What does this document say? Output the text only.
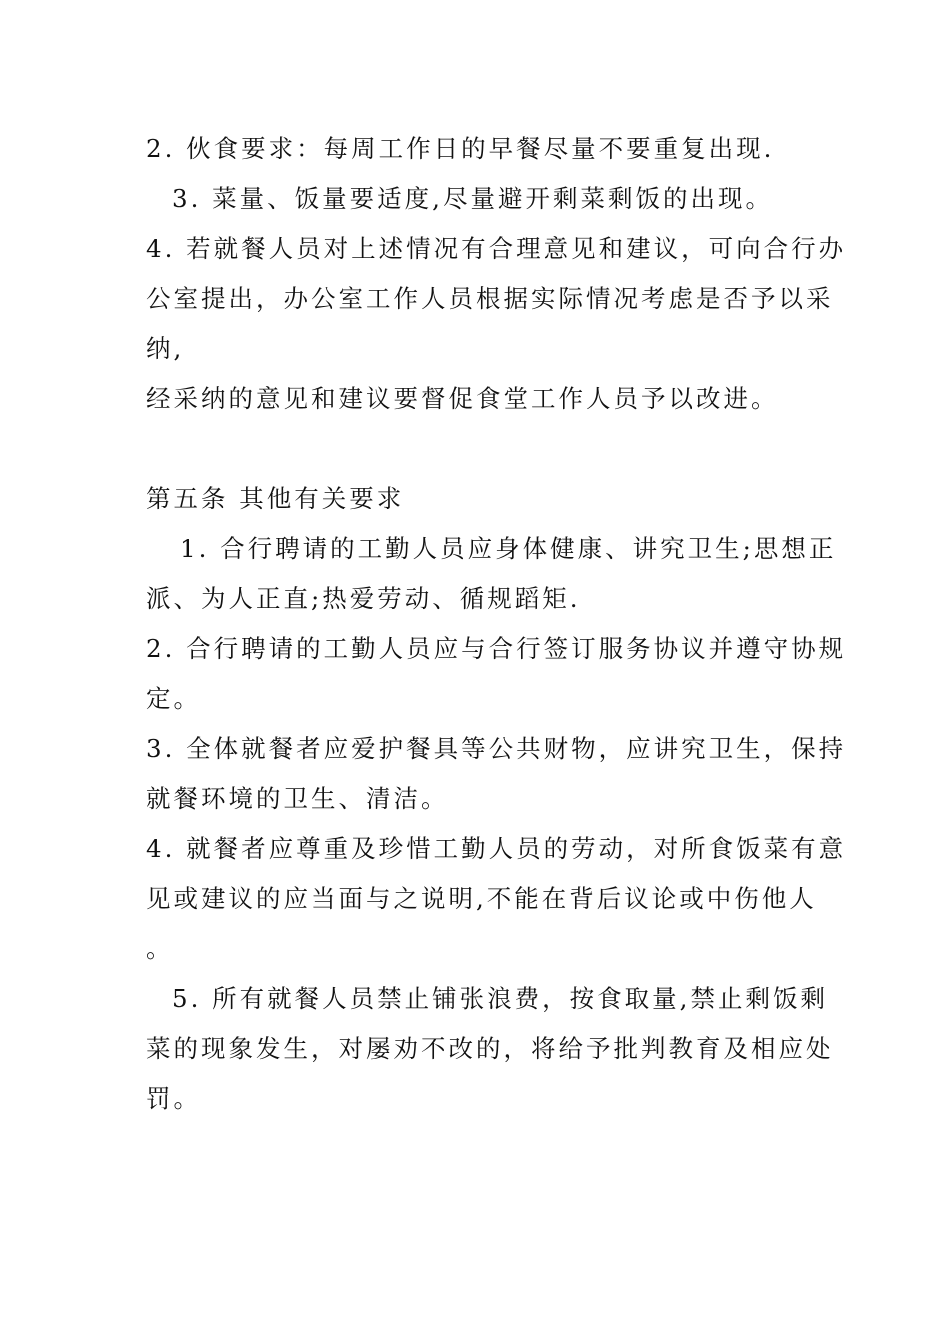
2. 伙食要求：每周工作日的早餐尽量不要重复出现.
3. 菜量、饭量要适度,尽量避开剩菜剩饭的出现。
4. 若就餐人员对上述情况有合理意见和建议，可向合行办
公室提出，办公室工作人员根据实际情况考虑是否予以采
纳,
经采纳的意见和建议要督促食堂工作人员予以改进。
第五条 其他有关要求
1. 合行聘请的工勤人员应身体健康、讲究卫生;思想正
派、为人正直;热爱劳动、循规蹈矩.
2. 合行聘请的工勤人员应与合行签订服务协议并遵守协规
定。
3. 全体就餐者应爱护餐具等公共财物，应讲究卫生，保持
就餐环境的卫生、清洁。
4. 就餐者应尊重及珍惜工勤人员的劳动，对所食饭菜有意
见或建议的应当面与之说明,不能在背后议论或中伤他人
。
5. 所有就餐人员禁止铺张浪费，按食取量,禁止剩饭剩
菜的现象发生，对屡劝不改的，将给予批判教育及相应处
罚。
